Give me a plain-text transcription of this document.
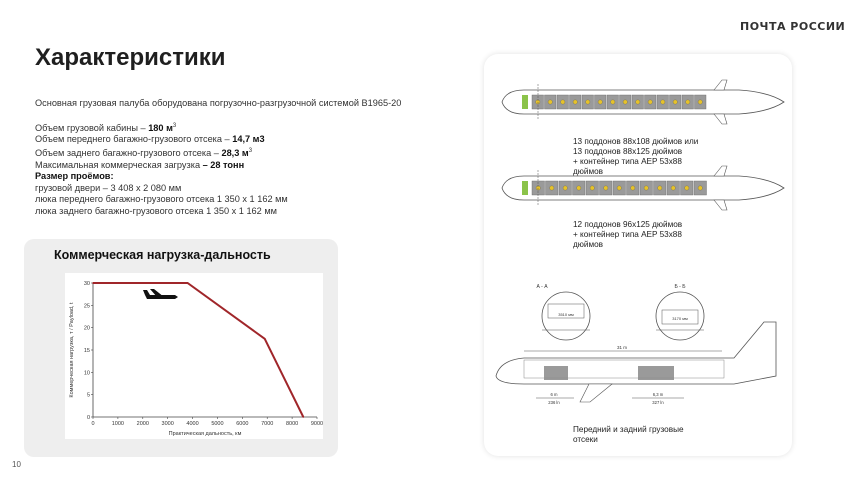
ПОЧТА РОССИИ
Характеристики
Основная грузовая палуба оборудована погрузочно-разгрузочной системой В1965-20
Объем грузовой кабины – 180 $м^3$
Объем переднего багажно-грузового отсека – 14,7 м3
Объем заднего багажно-грузового отсека – 28,3 $м^3$
Максимальная коммерческая загрузка – 28 тонн
Размер проёмов:
грузовой двери – 3 408 х 2 080 мм
люка переднего багажно-грузового отсека 1 350 х 1 162 мм
люка заднего багажно-грузового отсека 1 350 х 1 162 мм
Коммерческая нагрузка-дальность
0
5
10
15
20
25
30
0	1000 2000 3000 4000 5000 6000 7000 8000 9000
Практическая дальность, км
Коммерческая нагрузка, т / Payload, t
10
А - А
3510 мм
Б - Б
3170 мм
31 m
6 m
236 ln
6,3 m
327 ln
13 поддонов 88х108 дюймов или
13 поддонов 88х125 дюймов
+ контейнер типа AEP 53х88
дюймов
12 поддонов 96х125 дюймов
+ контейнер типа AEP 53х88
дюймов
Передний и задний грузовые
отсеки
